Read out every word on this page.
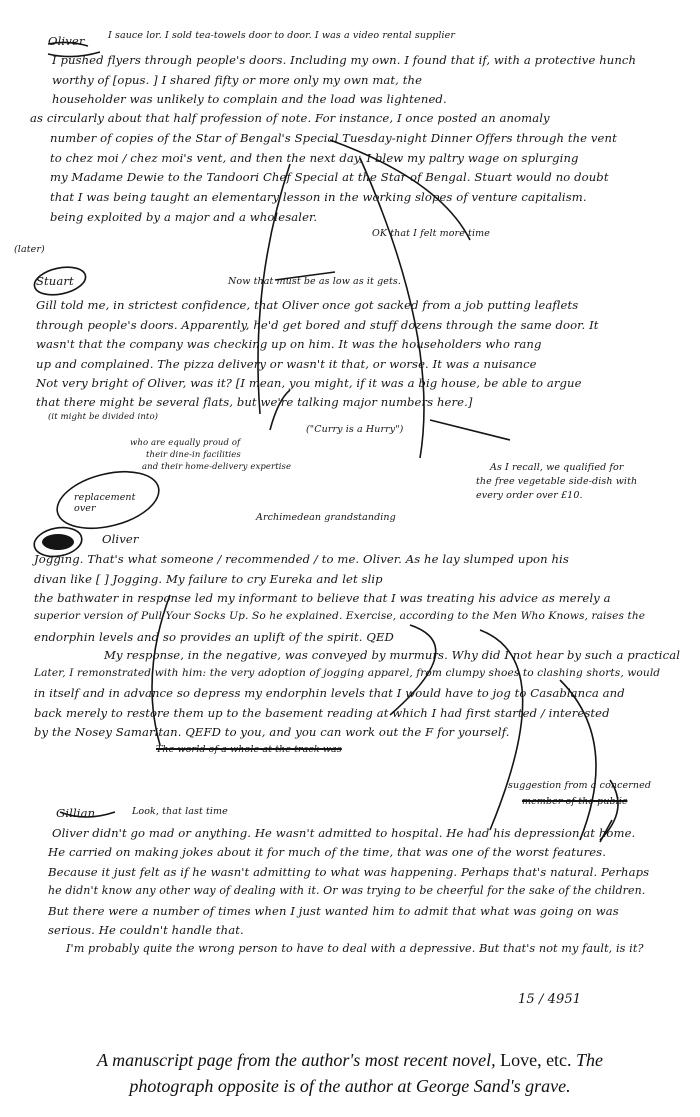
Oliver I sauce lor. I sold tea-towels door to door. I was a video rental supplier
I pushed flyers through people's doors. Including my own. I found that if, with a protective hunch
worthy of [opus. ] I shared fifty or more only my own mat, the
householder was unlikely to complain and the load was lightened.
as circularly about that half profession of note. For instance, I once posted an anomaly
number of copies of the Star of Bengal's Special Tuesday-night Dinner Offers through the vent
to chez moi / chez moi's vent, and then the next day, I blew my paltry wage on splurging
my Madame Dewie to the Tandoori Chef Special at the Star of Bengal. Stuart would no doubt
that I was being taught an elementary lesson in the working slopes of venture capitalism.
being exploited by a major and a wholesaler.
OK that I felt more time
(later)
Stuart	Now that must be as low as it gets.
Gill told me, in strictest confidence, that Oliver once got sacked from a job putting leaflets
through people's doors. Apparently, he'd get bored and stuff dozens through the same door. It
wasn't that the company was checking up on him. It was the householders who rang
up and complained. The pizza delivery or wasn't it that, or worse. It was a nuisance
Not very bright of Oliver, was it? [I mean, you might, if it was a big house, be able to argue
that there might be several flats, but we're talking major numbers here.]
(it might be divided into)
("Curry is a Hurry")
who are equally proud of
their dine-in facilities
and their home-delivery expertise	As I recall, we qualified for
the free vegetable side-dish with
every order over £10.
replacement over
Archimedean grandstanding
Oliver
Jogging. That's what someone / recommended / to me. Oliver. As he lay slumped upon his
divan like [ ] Jogging. My failure to cry Eureka and let slip
the bathwater in response led my informant to believe that I was treating his advice as merely a
superior version of Pull Your Socks Up. So he explained. Exercise, according to the Men Who Knows, raises the
endorphin levels and so provides an uplift of the spirit. QED
My response, in the negative, was conveyed by murmurs. Why did I not hear by such a practical
Later, I remonstrated with him: the very adoption of jogging apparel, from clumpy shoes to clashing shorts, would
in itself and in advance so depress my endorphin levels that I would have to jog to Casablanca and
back merely to restore them up to the basement reading at which I had first started / interested
by the Nosey Samaritan. QEFD to you, and you can work out the F for yourself.
The world of a whole at the track was
suggestion from a concerned
member of the public
Gillian	Look, that last time
Oliver didn't go mad or anything. He wasn't admitted to hospital. He had his depression at home.
He carried on making jokes about it for much of the time, that was one of the worst features.
Because it just felt as if he wasn't admitting to what was happening. Perhaps that's natural. Perhaps
he didn't know any other way of dealing with it. Or was trying to be cheerful for the sake of the children.
But there were a number of times when I just wanted him to admit that what was going on was
serious. He couldn't handle that.
I'm probably quite the wrong person to have to deal with a depressive. But that's not my fault, is it?
15 / 4951
A manuscript page from the author's most recent novel, Love, etc. The
photograph opposite is of the author at George Sand's grave.
